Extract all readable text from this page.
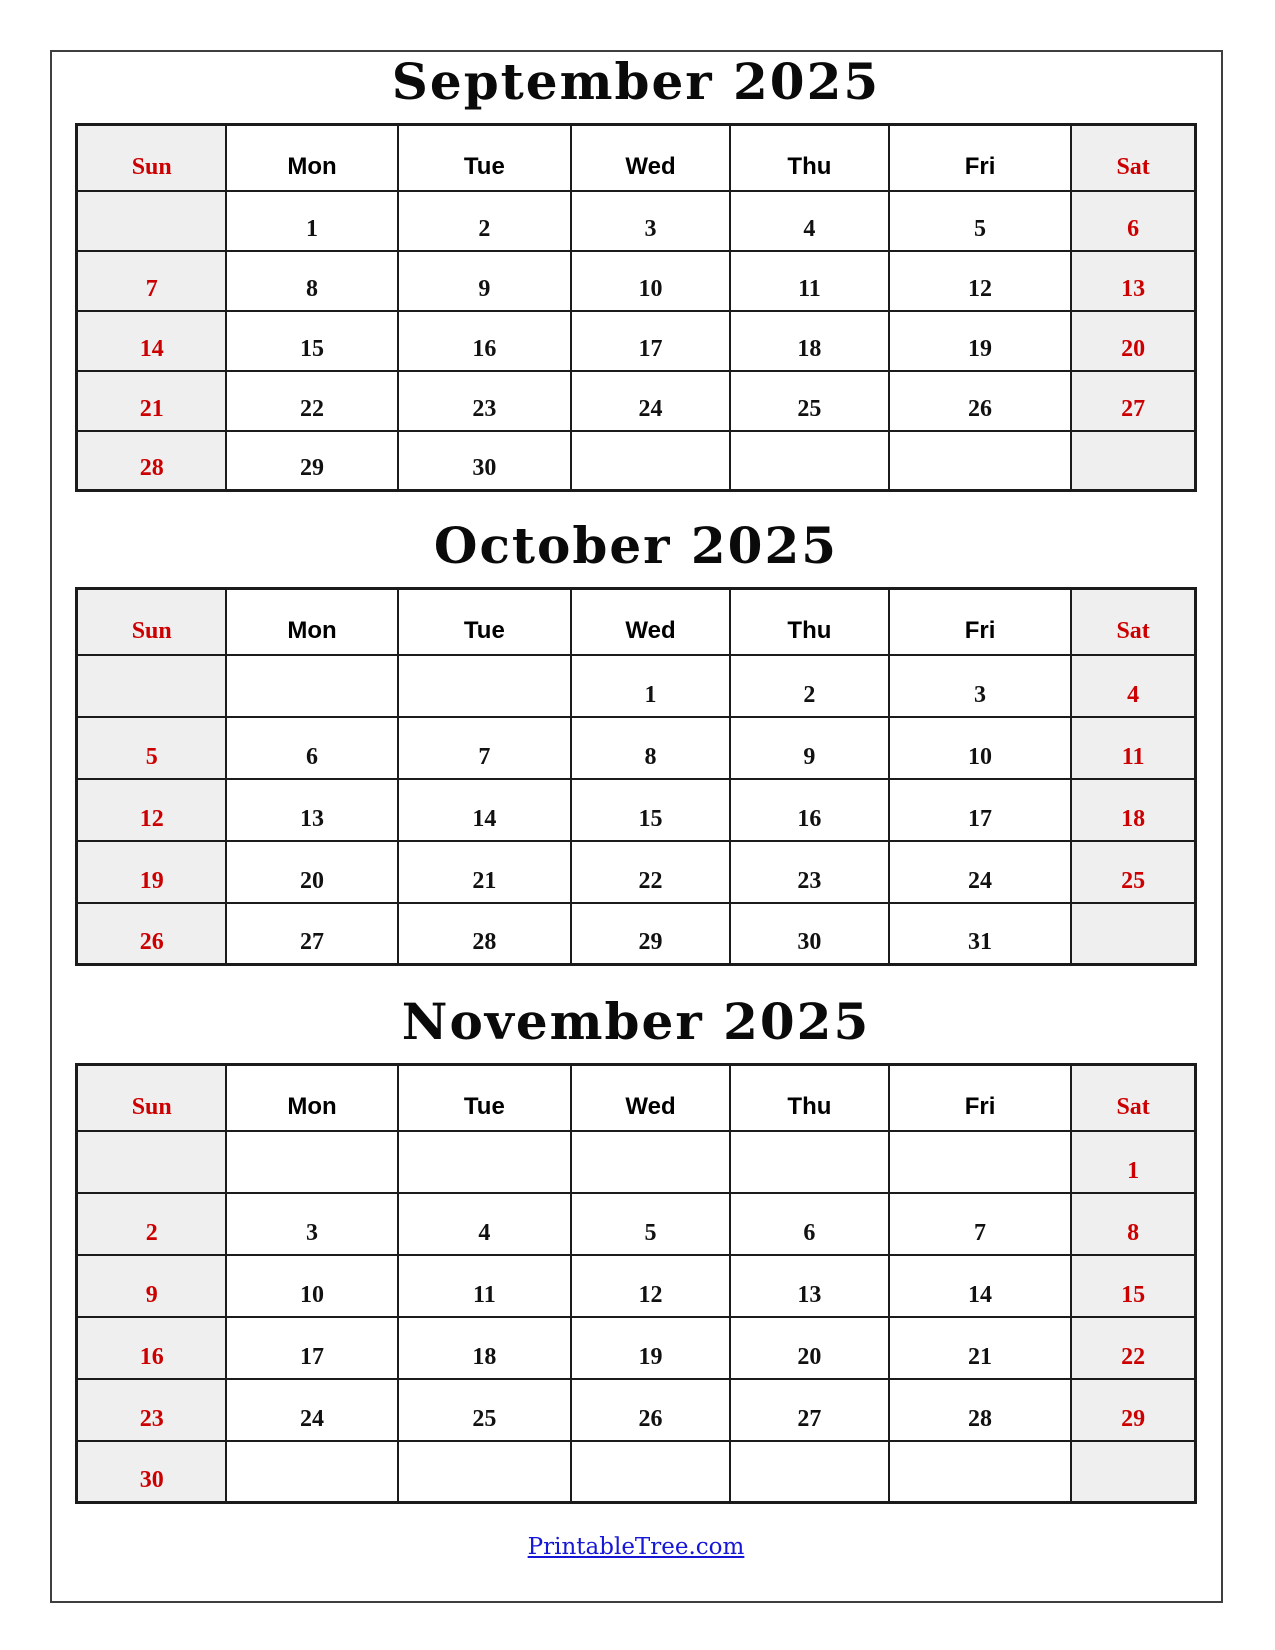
September 2025
Sun	Mon	Tue	Wed	Thu	Fri	Sat
	1	2	3	4	5	6
7	8	9	10	11	12	13
14	15	16	17	18	19	20
21	22	23	24	25	26	27
28	29	30				
October 2025
Sun	Mon	Tue	Wed	Thu	Fri	Sat
			1	2	3	4
5	6	7	8	9	10	11
12	13	14	15	16	17	18
19	20	21	22	23	24	25
26	27	28	29	30	31	
November 2025
Sun	Mon	Tue	Wed	Thu	Fri	Sat
						1
2	3	4	5	6	7	8
9	10	11	12	13	14	15
16	17	18	19	20	21	22
23	24	25	26	27	28	29
30						
PrintableTree.com
